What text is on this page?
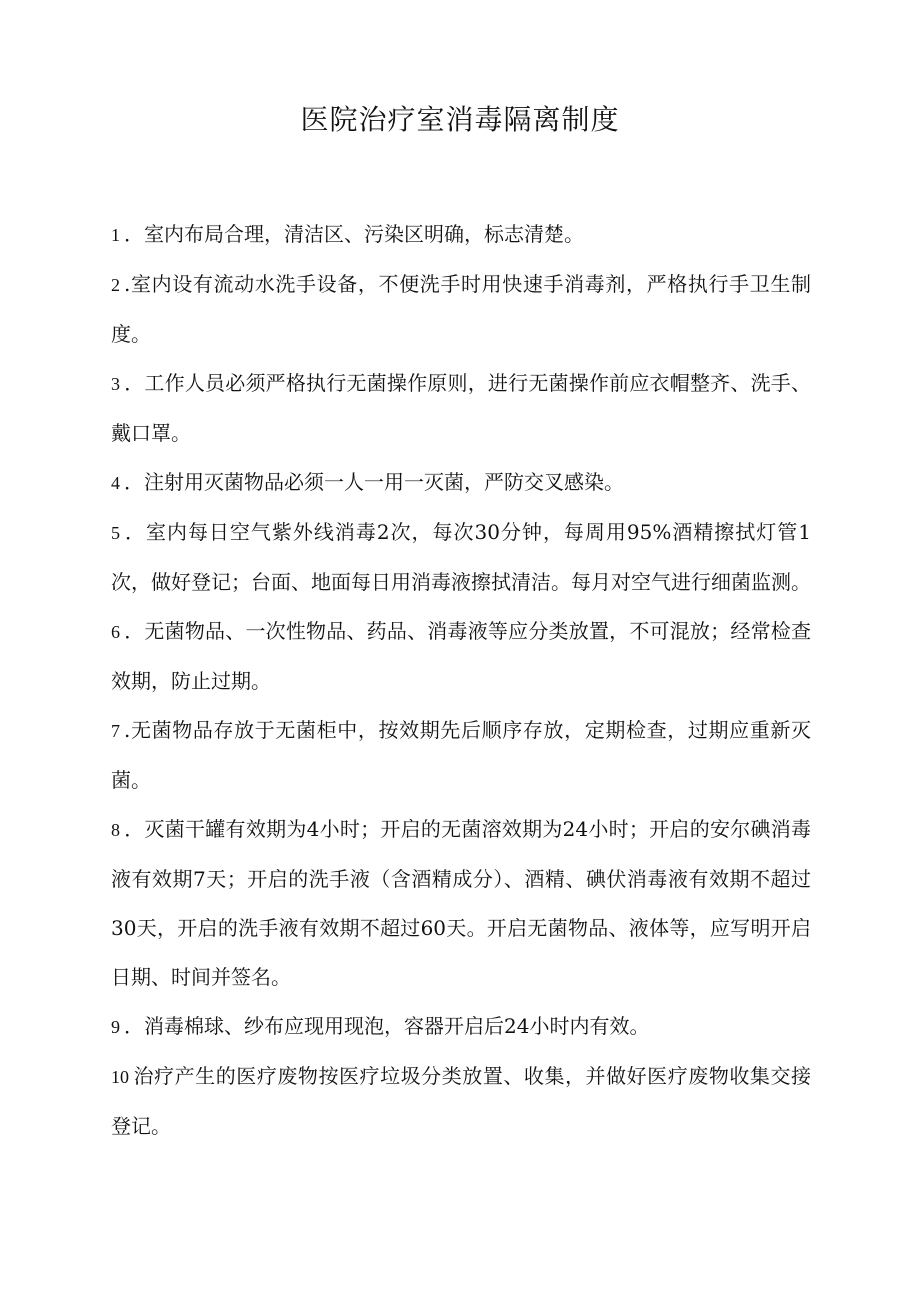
医院治疗室消毒隔离制度

1 ．室内布局合理，清洁区、污染区明确，标志清楚。

2 .室内设有流动水洗手设备，不便洗手时用快速手消毒剂，严格执行手卫生制度。

3 ．工作人员必须严格执行无菌操作原则，进行无菌操作前应衣帽整齐、洗手、戴口罩。

4 ．注射用灭菌物品必须一人一用一灭菌，严防交叉感染。

5 ．室内每日空气紫外线消毒2次，每次30分钟，每周用95%酒精擦拭灯管1次，做好登记；台面、地面每日用消毒液擦拭清洁。每月对空气进行细菌监测。

6 ．无菌物品、一次性物品、药品、消毒液等应分类放置，不可混放；经常检查效期，防止过期。

7 .无菌物品存放于无菌柜中，按效期先后顺序存放，定期检查，过期应重新灭菌。

8 ．灭菌干罐有效期为4小时；开启的无菌溶效期为24小时；开启的安尔碘消毒液有效期7天；开启的洗手液（含酒精成分）、酒精、碘伏消毒液有效期不超过30天，开启的洗手液有效期不超过60天。开启无菌物品、液体等，应写明开启日期、时间并签名。

9 ．消毒棉球、纱布应现用现泡，容器开启后24小时内有效。

10 治疗产生的医疗废物按医疗垃圾分类放置、收集，并做好医疗废物收集交接登记。
